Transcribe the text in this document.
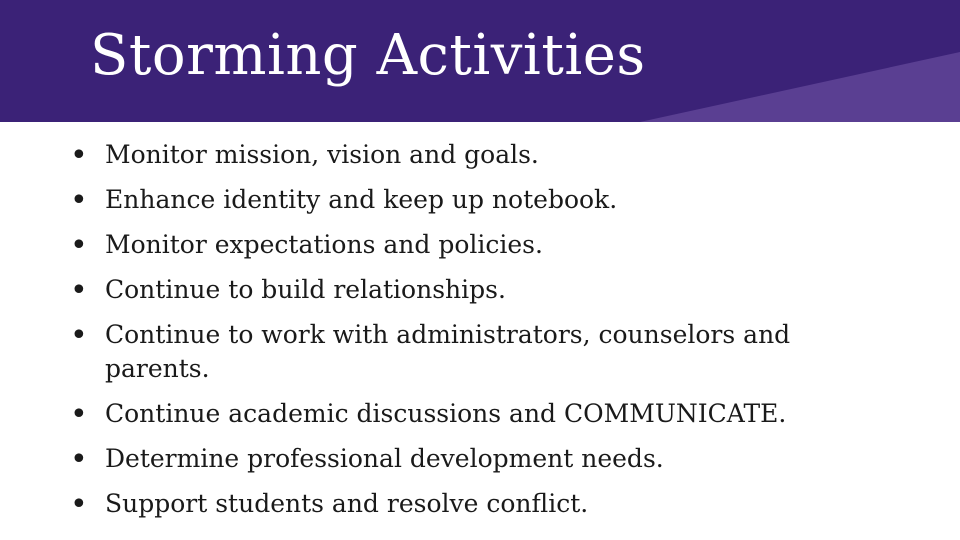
Storming Activities
• Monitor mission, vision and goals.
• Enhance identity and keep up notebook.
• Monitor expectations and policies.
• Continue to build relationships.
• Continue to work with administrators, counselors and parents.
• Continue academic discussions and COMMUNICATE.
• Determine professional development needs.
• Support students and resolve conflict.
